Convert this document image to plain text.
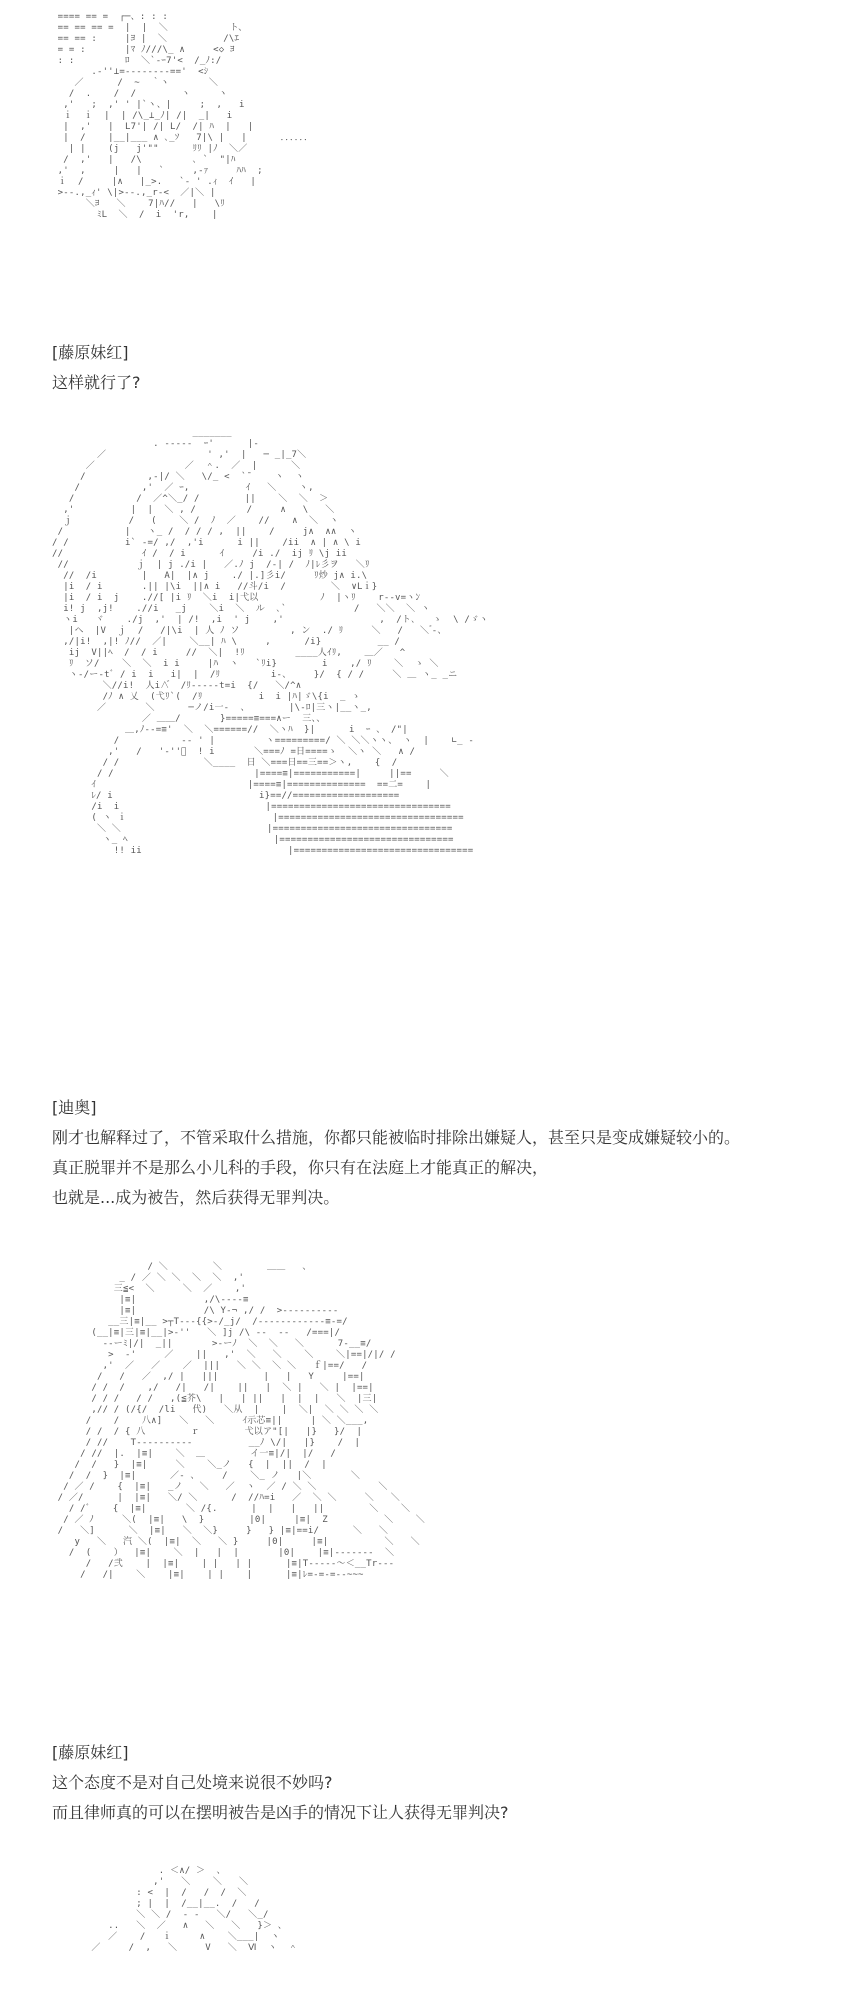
==== == =  ┌─、: : :
== == == =  |  |  ＼           ト、
== == :     |ﾖ |  ＼          /\ｴ
= = :       |ﾏ ﾉ///\_ ∧     <◇ ﾖ
: :         ﾛ  ＼`-ｰ7'<  /_ﾉ:/
.-''⊥=----‐-‐‐=='  <ｼ
／      /  ~  ｀ヽ       ＼
/  .    /  /        ヽ     ヽ
,'   ;  ,' ' |`ヽ、|     ;  ,   i
ｉ  ｉ  |  | /\_⊥_ﾉ| /|  _|   i
|  ,'   |  L7'| /| L/  /| ﾊ  |   |
|  /    |__|___ ∧ ､_ｿ   7|\ |   |      ．．．．．．
| |    (j   j'""      ﾘﾘ |ﾉ  ＼／
/  ,'   |   /\         ､ `  "|ﾊ
,'  ,     |   |   `     ,-ｧ     ﾊﾊ  ;
ｉ  /     |∧   |_>.   `- ' .ｨ  ｲ   |
>--.,_ｨ' \|>--.,_r-<  ／|＼ |
＼ﾖ   ＼    7|ﾊ//   |   \ﾘ
ﾐL  ＼  /  i  'r,    |

[藤原妹红]
这样就行了?
_______
. -----  ｰ'      |‐
／                  ' ,'  |   ─ _|_7＼
／                ／  ＾.  ／  |      ＼
/           ,-|/ ＼   \/_ <  `¯    ヽ  ヽ
/           ,'  ／ ｰ,          ｲ   ＼    ヽ,
/           /  ／^＼_/ /        ||    ＼  ＼  ＞
,'          |  |  ＼ , /         /     ∧   \   ＼
ｊ          /   (    ＼ /  ﾉ  ／    //    ∧  ＼  ヽ
/           |   ヽ_ /  / / / ,  ||    /     j∧  ∧∧  ヽ
/ /          i` -=/ ,/  ,'i      i ||    /ii  ∧ | ∧ \ i
//              ｲ /  / i      ｲ     /i ./  ij ﾘ \j ii
//            ｊ  | j ./i |   ／.ﾉ j  /-| /  ﾉ|ﾚ彡ヲ   ＼ﾘ
//  /i        |   A|  |∧ j    ./ |.]彡i/     ﾘ炒 j∧ i.\
|i  / i       .|| |\i  ||∧ i   //斗/i  /        ＼  ∨Lｉ}
|i  / i  j    .//[ |i ﾘ  ＼i  i|弋以           ﾉ  |ヽﾘ    r--v=ヽﾝ
i! j  ,j!    .//i   _j    ＼i  ＼  ル  ､`            /   ＼＼  ＼ ヽ
ヽi   ヾ    ./j  ,'  | /!  ,i  ' j    ,'                 ,  /ト､   ゝ  \ /ゞヽ
|ヘ  |V  ｊ  /   /|\i  | 人 ﾉ ソ         , ン  ./ ﾘ     ＼   /   ＼ ゙‐、
,/|i!  ,|! ﾉ//  ／|    ＼__| ﾊ \     ,      /i}          __ /
ij  V||ﾍ  /  / i     //  ＼|  !ﾘ         ____人ｲﾘ,    ＿／   ^
ﾘ  ソ/    ＼  ＼  i i     |ﾊ  ヽ   `ﾘi}        i    ,/ ﾘ    ＼  ゝ ＼
ヽ-/ー‐tﾞ / i  i   i|  |  /ﾘ         i-、    }/  { / /     ＼ ＿ ヽ_ _ニ
＼//i!  人i∧゙  /ﾘ-----t=i  {/   ＼/^∧
/ﾉ ∧ 乂  (弋ﾘ`(  /ﾘ          i  i |ﾊ|ゞ\{i  _ ゝ
／       ＼      ─ノ/i一-  、       |\-ﾛ|三ヽ|__ヽ_,
／ ＿＿/       }=====≡===∧ー  三、、
＿,ﾉ-‐=≡'  ＼  ＼======//  ＼ヽﾊ  }|      i  ｰ 、 /"|
/           -- ' |         ヽ=========/ ＼ ＼＼ヽヽ、 ヽ  |    ∟_ -
,'   /   '-''゙  ! i       ＼===ﾉ =日====ゝ  ＼ヽ ＼   ∧ /
/ /               ＼____  日 ＼===日==三==＞ヽ,    {  /
/ /                         |====≡|===========|     ||==     ＼
ｲ                           |====≡|==============  ==二=    |
ﾚ/ i                          i}==//===================
/i  i                          |================================
( ヽ ｉ                          |=================================
＼ ＼                          |================================
ヽ_ ﾍ                          |===============================
!! ii                          |================================

[迪奥]
刚才也解释过了，不管采取什么措施，你都只能被临时排除出嫌疑人，甚至只是变成嫌疑较小的。
真正脱罪并不是那么小儿科的手段，你只有在法庭上才能真正的解决，
也就是...成为被告，然后获得无罪判决。
/ ＼        ＼        ＿＿   、
_ / ／ ＼ ＼  ＼  ＼  ,'
三≦<  ＼     ＼  ／    ,'
|≡|            ,/\--‐‐≡
|≡|            /\ Y-¬ ,/ /  >----------
__三|≡|__ >┬T---{{>-/_j/  /------------≡-=/
(__|≡|三|≡|__|>-''   ＼ ]j /\ ‐‐  ‐‐   /===|/
‐-ーﾐ|/|  _||       >-ーﾉ  ＼  ＼   ＼      7-__≡/
>  ‐'     ／    ||   ,'  ＼   ＼    ＼    ＼|==|/|/ /
,'  ／   ／    ／  |||   ＼ ＼  ＼ ＼   ｆ|==/   /
/   /   ／  ,/ |   |||        |   |   Y     |==|
/ /  /    ,/   /|   /|    ||   |  ＼ |   ＼ |  |==|
/ / /   / /   ,(≦芥\   |   | ||   |  |  |   ＼  |三|
,// / (/{/  /li   代)   ＼从  |    |  ＼|  ＼ ＼ ＼ ＼
/    /    八∧]   ＼   ＼     ｲ示芯≡||     | ＼ ＼___,
/ /  / { 八        ｒ        弋以ア"[|   |}   }/  |
/ //    T---‐‐‐‐‐‐‐          __ﾉ \/|   |}    /  |
/ //  |.  |≡|    ＼  ＿        イ一≡|/|  |/   /
/  /   }  |≡|     ＼    ＼_ノ   {  |  ||  /  |
/  /  }  |≡|      ／‐ 、    /    ＼_ ノ   |＼       ＼
/ ／ /    {  |≡|   _ノ   ＼   ／  ヽ  ／ / ＼ ＼           ＼
/ ／/      |  |≡|   ＼/ ＼      /  //ﾊ=i   ／  ＼ ＼     ＼   ＼
/ /ﾞ    {  |≡|       ＼ /{.      |  |   |   ||        ＼    ＼
/ ／ ﾉ     ＼(  |≡|   \  }        |0|     |≡|  Z          ＼    ＼
/   ＼]      ＼  |≡|   ＼  ＼}     }   } |≡|==i/      ＼   ＼
y   ＼   汽 ＼(  |≡|  ＼   ＼ }     |0|     |≡|          ＼   ＼
/  (    ）  |≡|    ＼  |   |  |       |0|    |≡|-‐‐-‐-‐  ＼
/   /弐    |  |≡|    | |   | |      |≡|T--‐--～＜__Tr---
/   /|    ＼    |≡|    | |    |      |≡|ﾚ=‐=‐=‐‐~~~

[藤原妹红]
这个态度不是对自己处境来说很不妙吗?
而且律师真的可以在摆明被告是凶手的情况下让人获得无罪判决?
. ＜∧/ ＞  、
,'   ＼    ＼   ＼
: <  |  /   /  /  ＼
; |  |  /__|__.  /   /
＼ ＼ /  ‐ -   ＼/   ＼_/
..   ＼  ／   ∧   ＼   ＼   }＞ 、
／    /   ｉ     ∧    ＼___|  ヽ
／     /  ,   ＼     V   ＼  Ⅵ  ヽ  ＾
